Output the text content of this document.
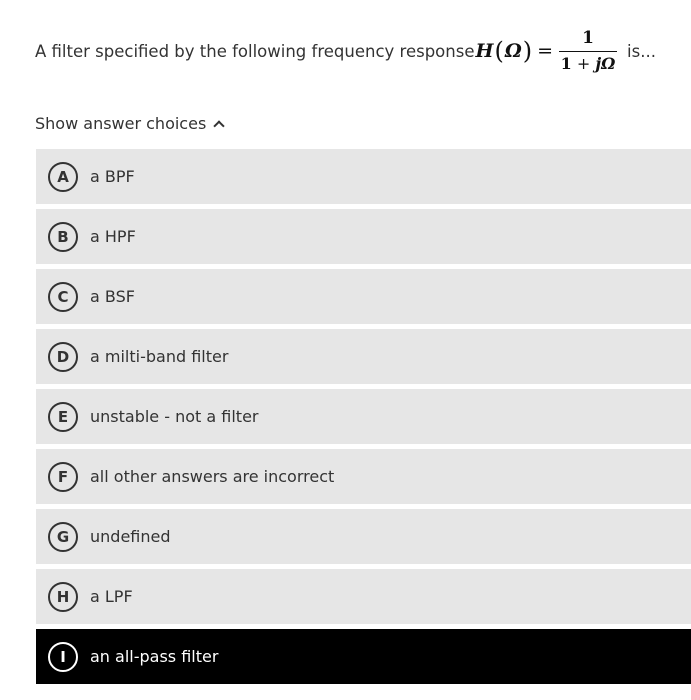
A filter specified by the following frequency response H ( Ω ) = $\frac{1}{1 + j\Omega}$ is...
Show answer choices
A	a BPF
B	a HPF
C	a BSF
D	a milti-band filter
E	unstable - not a filter
F	all other answers are incorrect
G	undefined
H	a LPF
I	an all-pass filter
